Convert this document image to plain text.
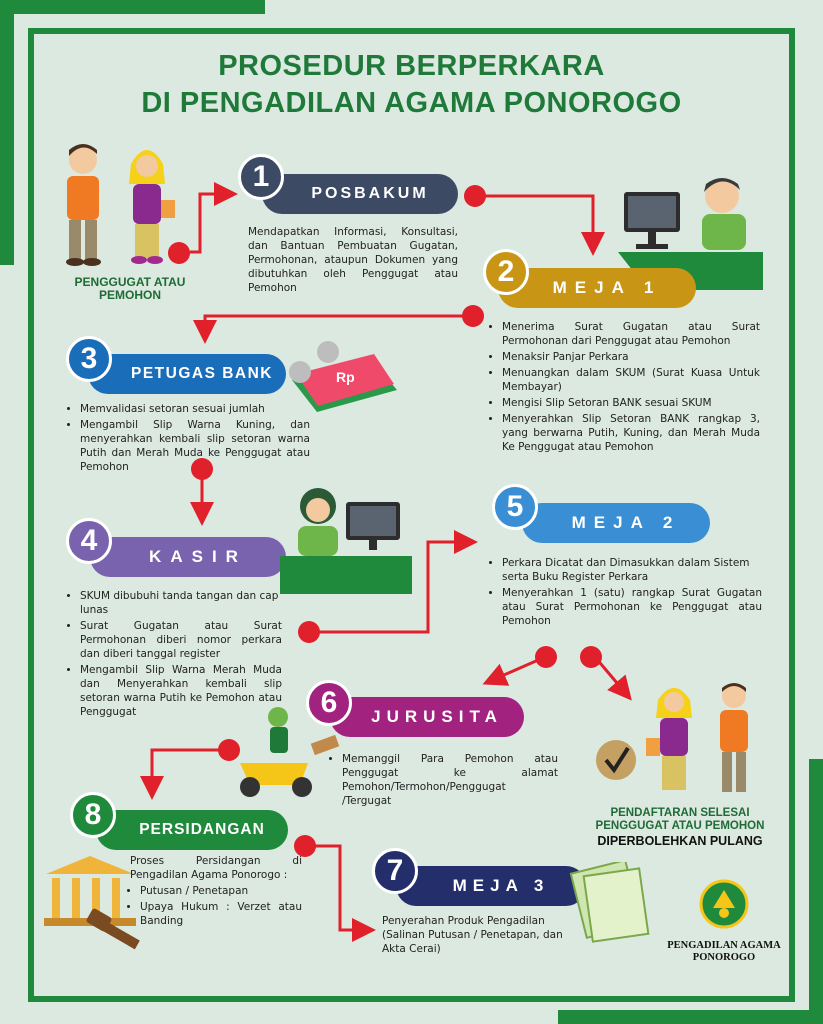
PROSEDUR BERPERKARA
DI PENGADILAN AGAMA PONOROGO
PENGGUGAT ATAU
PEMOHON
POSBAKUM
1
Mendapatkan Informasi, Konsultasi, dan Bantuan Pembuatan Gugatan, Permohonan, ataupun Dokumen yang dibutuhkan oleh Penggugat atau Pemohon	MEJA 1
2
• Menerima Surat Gugatan atau Surat Permohonan dari Penggugat atau Pemohon
• Menaksir Panjar Perkara
• Menuangkan dalam SKUM (Surat Kuasa Untuk Membayar)
• Mengisi Slip Setoran BANK sesuai SKUM
• Menyerahkan Slip Setoran BANK rangkap 3, yang berwarna Putih, Kuning, dan Merah Muda Ke Penggugat atau Pemohon
PETUGAS BANK
3
Rp
• Memvalidasi setoran sesuai jumlah
• Mengambil Slip Warna Kuning, dan menyerahkan kembali slip setoran warna Putih dan Merah Muda ke Penggugat atau Pemohon
KASIR
4
• SKUM dibubuhi tanda tangan dan cap lunas
• Surat Gugatan atau Surat Permohonan diberi nomor perkara dan diberi tanggal register
• Mengambil Slip Warna Merah Muda dan Menyerahkan kembali slip setoran warna Putih ke Pemohon atau Penggugat
MEJA 2
5
• Perkara Dicatat dan Dimasukkan dalam Sistem serta Buku Register Perkara
• Menyerahkan 1 (satu) rangkap Surat Gugatan atau Surat Permohonan ke Penggugat atau Pemohon
JURUSITA
6
• Memanggil Para Pemohon atau Penggugat ke alamat Pemohon/Termohon/Penggugat /Tergugat
PENDAFTARAN SELESAI
PENGGUGAT ATAU PEMOHON
DIPERBOLEHKAN PULANG
PERSIDANGAN
8
Proses Persidangan di Pengadilan Agama Ponorogo :
• Putusan / Penetapan
• Upaya Hukum : Verzet atau Banding
MEJA 3
7
Penyerahan Produk Pengadilan (Salinan Putusan / Penetapan, dan Akta Cerai)	PENGADILAN AGAMA
PONOROGO
